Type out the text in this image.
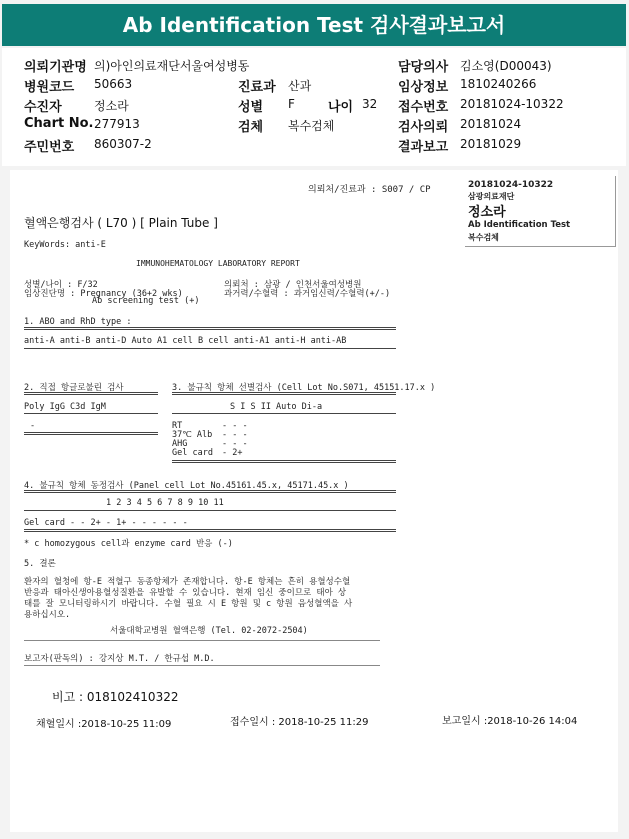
Ab Identification Test 검사결과보고서
의뢰기관명 의)아인의료재단서울여성병동	담당의사 김소영(D00043)
병원코드 50663	진료과 산과	임상정보 1810240266
수진자	정소라	성별 F	나이 32 접수번호 20181024-10322
Chart No. 277913	검체 복수검체	검사의뢰 20181024
주민번호 860307-2	결과보고 20181029
의뢰처/진료과 : S007 / CP	20181024-10322
삼광의료재단
정소라
Ab Identification Test
복수검체
혈액은행검사 ( L70 ) [ Plain Tube ]
KeyWords: anti-E
IMMUNOHEMATOLOGY LABORATORY REPORT
성별/나이 : F/32
임상진단명 : Pregnancy (36+2 wks)
Ab screening test (+)
의뢰처 : 삼광 / 인천서울여성병원
과거력/수혈력 : 과거임신력/수혈력(+/-)
1. ABO and RhD type :
anti-A anti-B anti-D Auto A1 cell B cell anti-A1 anti-H anti-AB
2. 직접 항글로불린 검사
Poly IgG C3d IgM
-
3. 불규칙 항체 선별검사 (Cell Lot No.S071, 45151.17.x )
S I S II Auto Di-a
RT	- - -
37℃ Alb - - -
AHG	- - -
Gel card - 2+
4. 불규칙 항체 동정검사 (Panel cell Lot No.45161.45.x, 45171.45.x )
1 2 3 4 5 6 7 8 9 10 11
Gel card - - 2+ - 1+ - - - - - -
* c homozygous cell과 enzyme card 반응 (-)
5. 결론
환자의 혈청에 항-E 적혈구 동종항체가 존재합니다. 항-E 항체는 흔히 용혈성수혈
반응과 태아신생아용혈성질환을 유발할 수 있습니다. 현재 임신 중이므로 태아 상
태를 잘 모니터링하시기 바랍니다. 수혈 필요 시 E 항원 및 c 항원 음성혈액을 사
용하십시오.
서울대학교병원 혈액은행 (Tel. 02-2072-2504)
보고자(판독의) : 강지상 M.T. / 한규섭 M.D.
비고 : 018102410322
채혈일시 :2018-10-25 11:09	접수일시 : 2018-10-25 11:29	보고일시 :2018-10-26 14:04
